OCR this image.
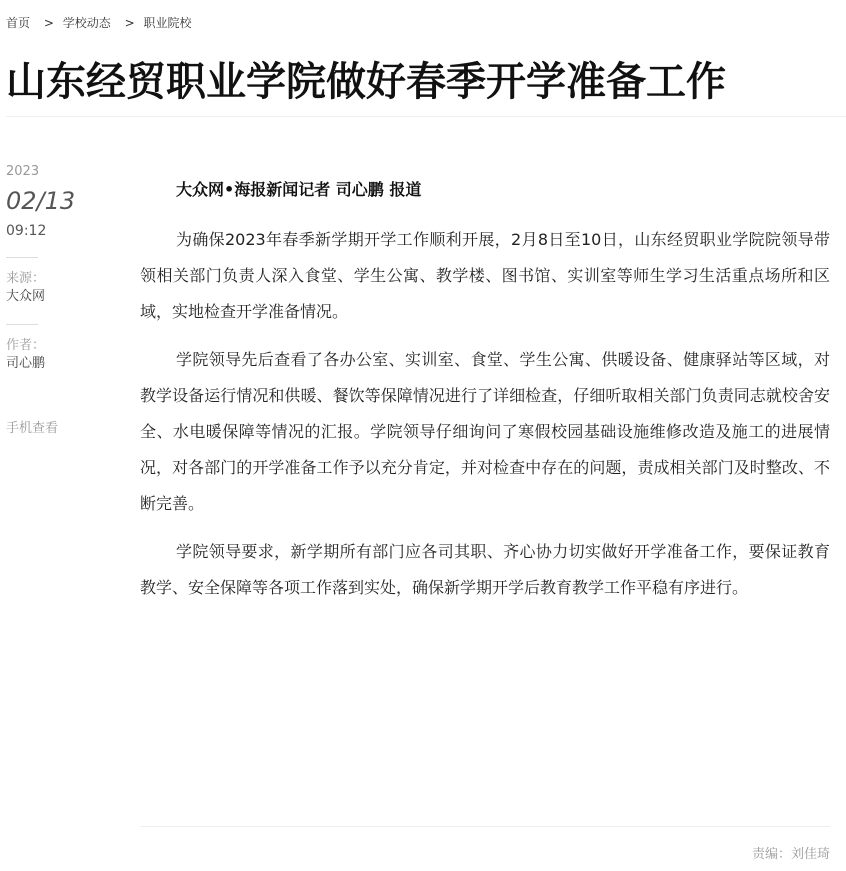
首页 > 学校动态 > 职业院校
山东经贸职业学院做好春季开学准备工作
2023
02/13
09:12
来源：
大众网
作者：
司心鹏
手机查看
大众网•海报新闻记者 司心鹏 报道

为确保2023年春季新学期开学工作顺利开展，2月8日至10日，山东经贸职业学院院领导带领相关部门负责人深入食堂、学生公寓、教学楼、图书馆、实训室等师生学习生活重点场所和区域，实地检查开学准备情况。

学院领导先后查看了各办公室、实训室、食堂、学生公寓、供暖设备、健康驿站等区域，对教学设备运行情况和供暖、餐饮等保障情况进行了详细检查，仔细听取相关部门负责同志就校舍安全、水电暖保障等情况的汇报。学院领导仔细询问了寒假校园基础设施维修改造及施工的进展情况，对各部门的开学准备工作予以充分肯定，并对检查中存在的问题，责成相关部门及时整改、不断完善。

学院领导要求，新学期所有部门应各司其职、齐心协力切实做好开学准备工作，要保证教育教学、安全保障等各项工作落到实处，确保新学期开学后教育教学工作平稳有序进行。

责编：刘佳琦
